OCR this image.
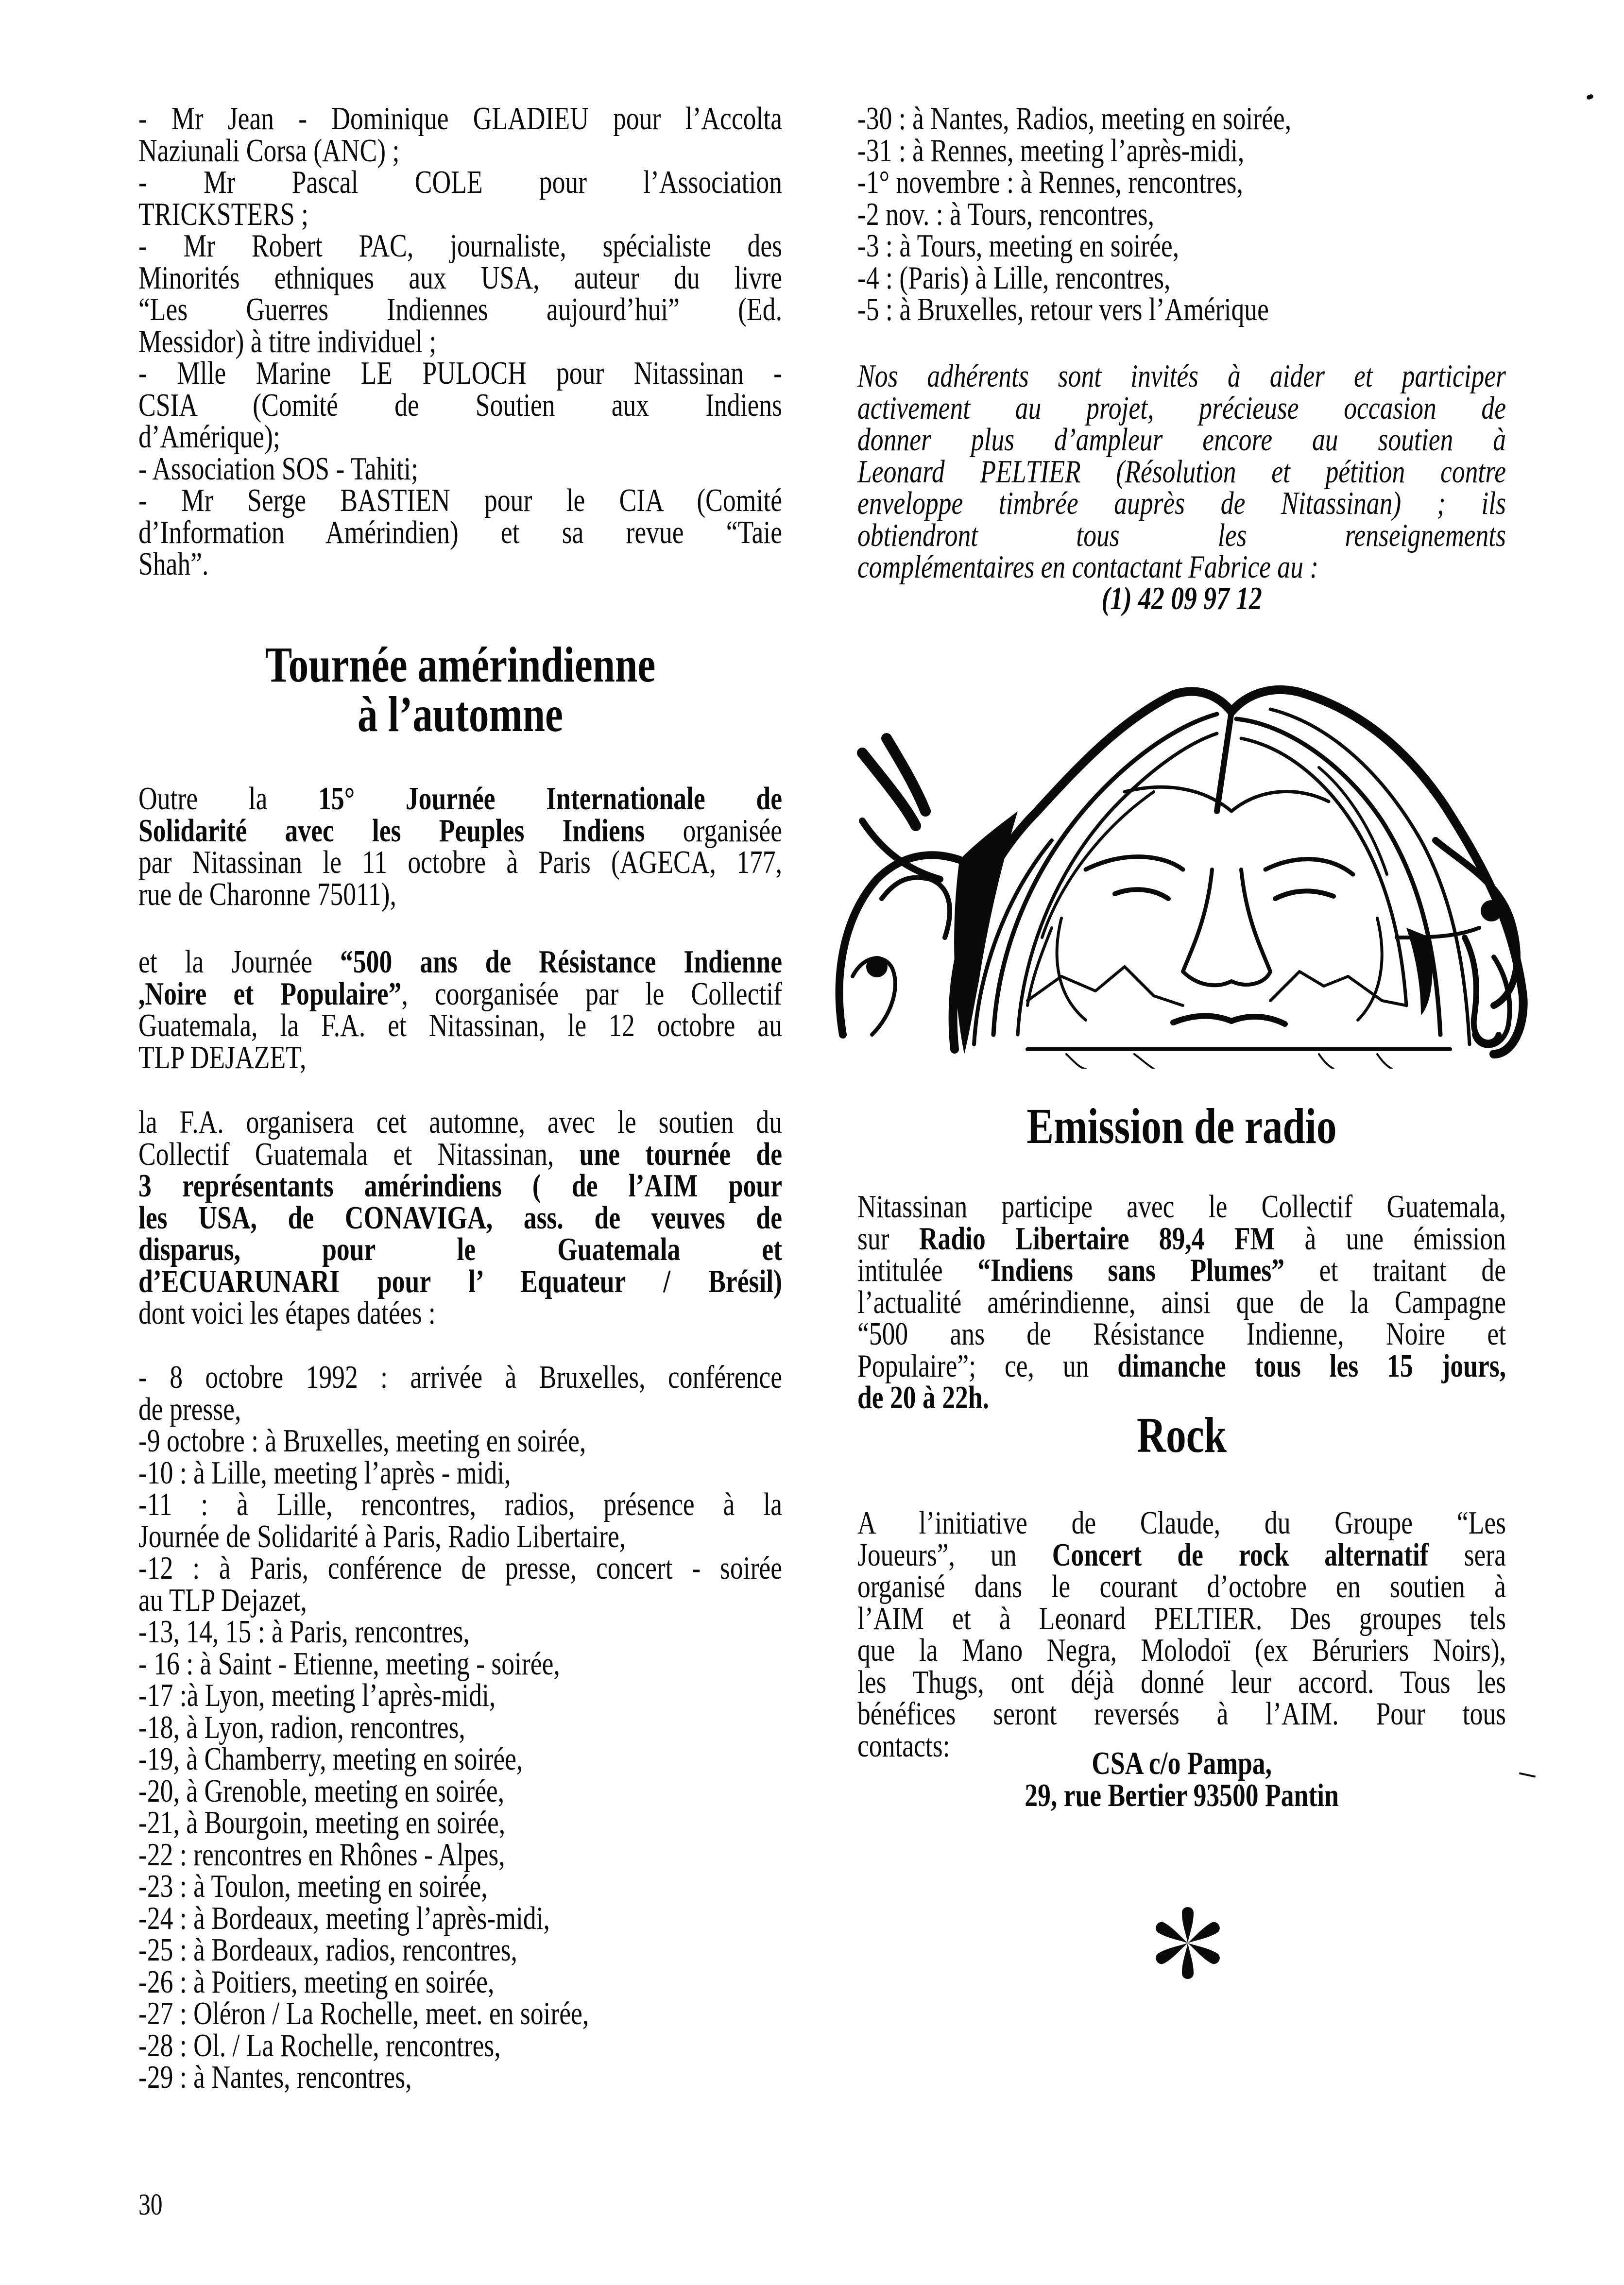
- Mr Jean - Dominique GLADIEU pour l’Accolta
Naziunali Corsa (ANC) ;
- Mr Pascal COLE pour l’Association
TRICKSTERS ;
- Mr Robert PAC, journaliste, spécialiste des
Minorités ethniques aux USA, auteur du livre
“Les Guerres Indiennes aujourd’hui” (Ed.
Messidor) à titre individuel ;
- Mlle Marine LE PULOCH pour Nitassinan -
CSIA (Comité de Soutien aux Indiens
d’Amérique);
- Association SOS - Tahiti;
- Mr Serge BASTIEN pour le CIA (Comité
d’Information Amérindien) et sa revue “Taie
Shah”.
Tournée amérindienne
à l’automne
Outre la 15° Journée Internationale de
Solidarité avec les Peuples Indiens organisée
par Nitassinan le 11 octobre à Paris (AGECA, 177,
rue de Charonne 75011),
et la Journée “500 ans de Résistance Indienne
,Noire et Populaire”, coorganisée par le Collectif
Guatemala, la F.A. et Nitassinan, le 12 octobre au
TLP DEJAZET,
la F.A. organisera cet automne, avec le soutien du
Collectif Guatemala et Nitassinan, une tournée de
3 représentants amérindiens ( de l’AIM pour
les USA, de CONAVIGA, ass. de veuves de
disparus, pour le Guatemala et
d’ECUARUNARI pour l’ Equateur / Brésil)
dont voici les étapes datées :
- 8 octobre 1992 : arrivée à Bruxelles, conférence
de presse,
-9 octobre : à Bruxelles, meeting en soirée,
-10 : à Lille, meeting l’après - midi,
-11 : à Lille, rencontres, radios, présence à la
Journée de Solidarité à Paris, Radio Libertaire,
-12 : à Paris, conférence de presse, concert - soirée
au TLP Dejazet,
-13, 14, 15 : à Paris, rencontres,
- 16 : à Saint - Etienne, meeting - soirée,
-17 :à Lyon, meeting l’après-midi,
-18, à Lyon, radion, rencontres,
-19, à Chamberry, meeting en soirée,
-20, à Grenoble, meeting en soirée,
-21, à Bourgoin, meeting en soirée,
-22 : rencontres en Rhônes - Alpes,
-23 : à Toulon, meeting en soirée,
-24 : à Bordeaux, meeting l’après-midi,
-25 : à Bordeaux, radios, rencontres,
-26 : à Poitiers, meeting en soirée,
-27 : Oléron / La Rochelle, meet. en soirée,
-28 : Ol. / La Rochelle, rencontres,
-29 : à Nantes, rencontres,
30
-30 : à Nantes, Radios, meeting en soirée,
-31 : à Rennes, meeting l’après-midi,
-1° novembre : à Rennes, rencontres,
-2 nov. : à Tours, rencontres,
-3 : à Tours, meeting en soirée,
-4 : (Paris) à Lille, rencontres,
-5 : à Bruxelles, retour vers l’Amérique
Nos adhérents sont invités à aider et participer
activement au projet, précieuse occasion de
donner plus d’ampleur encore au soutien à
Leonard PELTIER (Résolution et pétition contre
enveloppe timbrée auprès de Nitassinan) ; ils
obtiendront tous les renseignements
complémentaires en contactant Fabrice au :
(1) 42 09 97 12
Emission de radio
Nitassinan participe avec le Collectif Guatemala,
sur Radio Libertaire 89,4 FM à une émission
intitulée “Indiens sans Plumes” et traitant de
l’actualité amérindienne, ainsi que de la Campagne
“500 ans de Résistance Indienne, Noire et
Populaire”; ce, un dimanche tous les 15 jours,
de 20 à 22h.
Rock
A l’initiative de Claude, du Groupe “Les
Joueurs”, un Concert de rock alternatif sera
organisé dans le courant d’octobre en soutien à
l’AIM et à Leonard PELTIER. Des groupes tels
que la Mano Negra, Molodoï (ex Béruriers Noirs),
les Thugs, ont déjà donné leur accord. Tous les
bénéfices seront reversés à l’AIM. Pour tous
contacts:	CSA c/o Pampa,
29, rue Bertier 93500 Pantin
